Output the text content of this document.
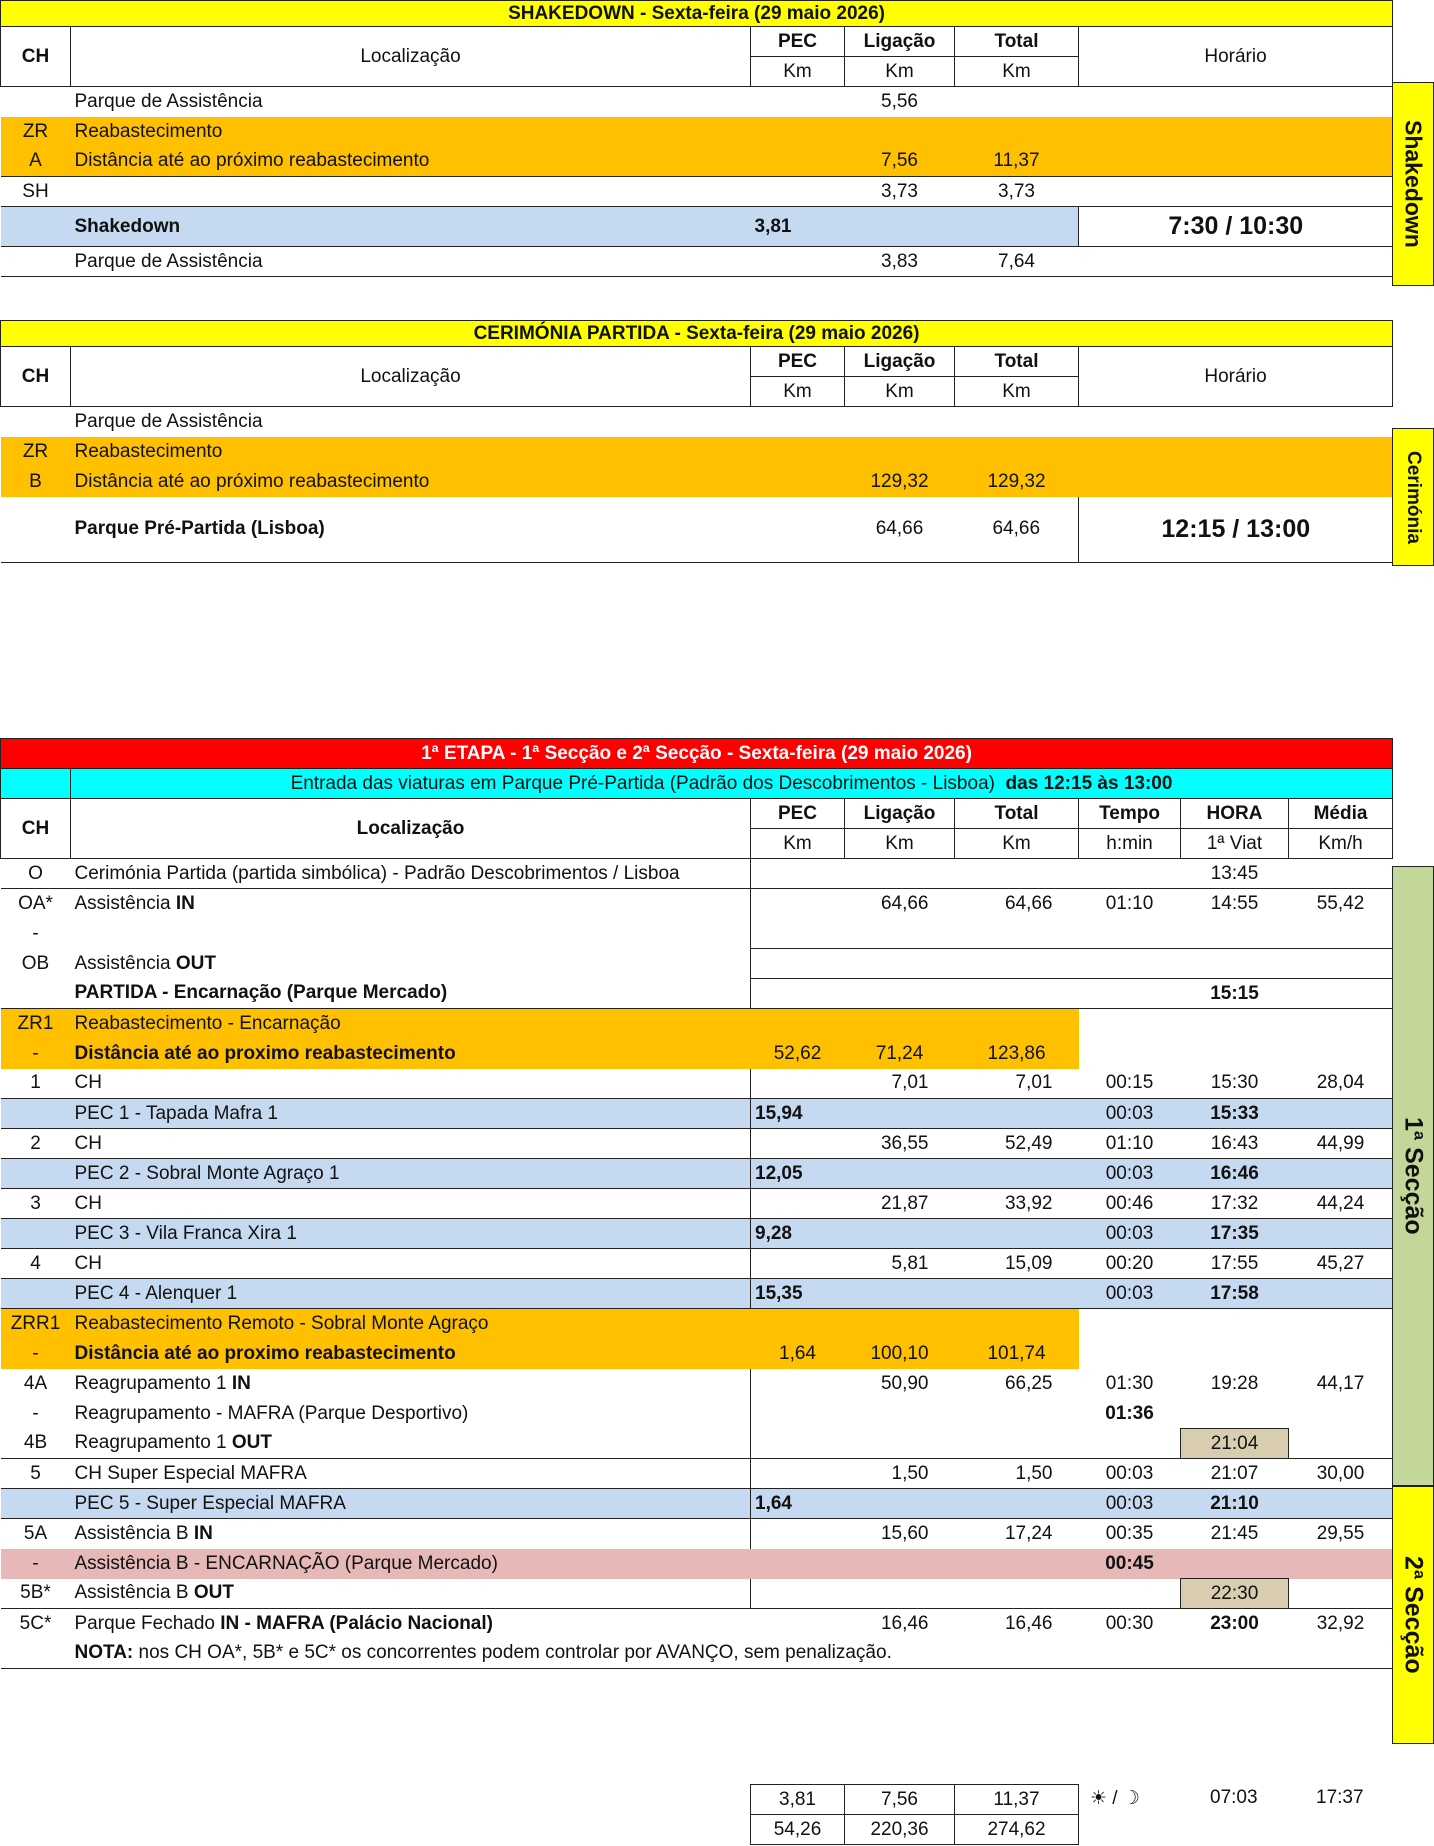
SHAKEDOWN - Sexta-feira (29 maio 2026)					
CH	Localização	PEC	Ligação	Total	Horário
		Km	Km	Km	
	Parque de Assistência		5,56		
ZR	Reabastecimento				
A	Distância até ao próximo reabastecimento		7,56	11,37	
SH			3,73	3,73	
	Shakedown	3,81			7:30 / 10:30
	Parque de Assistência		3,83	7,64	
Shakedown
CERIMÓNIA PARTIDA - Sexta-feira (29 maio 2026)					
CH	Localização	PEC	Ligação	Total	Horário
		Km	Km	Km	
	Parque de Assistência				
ZR	Reabastecimento				
B	Distância até ao próximo reabastecimento		129,32	129,32	
	Parque Pré-Partida (Lisboa)		64,66	64,66	12:15 / 13:00	Cerimónia
1ª ETAPA - 1ª Secção e 2ª Secção - Sexta-feira (29 maio 2026)							
	Entrada das viaturas em Parque Pré-Partida (Padrão dos Descobrimentos - Lisboa) das 12:15 às 13:00						
CH	Localização	PEC	Ligação	Total	Tempo	HORA	Média
		Km	Km	Km	h:min	1ª Viat	Km/h
O	Cerimónia Partida (partida simbólica) - Padrão Descobrimentos / Lisboa					13:45	
OA*	Assistência IN		64,66	64,66	01:10	14:55	55,42
-							
OB	Assistência OUT						
	PARTIDA - Encarnação (Parque Mercado)					15:15	
ZR1	Reabastecimento - Encarnação						
-	Distância até ao proximo reabastecimento	52,62	71,24	123,86			
1	CH		7,01	7,01	00:15	15:30	28,04
	PEC 1 - Tapada Mafra 1	15,94			00:03	15:33	
2	CH		36,55	52,49	01:10	16:43	44,99
	PEC 2 - Sobral Monte Agraço 1	12,05			00:03	16:46	
3	CH		21,87	33,92	00:46	17:32	44,24
	PEC 3 - Vila Franca Xira 1	9,28			00:03	17:35	
4	CH		5,81	15,09	00:20	17:55	45,27
	PEC 4 - Alenquer 1	15,35			00:03	17:58	
ZRR1	Reabastecimento Remoto - Sobral Monte Agraço						
-	Distância até ao proximo reabastecimento	1,64	100,10	101,74			
4A	Reagrupamento 1 IN		50,90	66,25	01:30	19:28	44,17
-	Reagrupamento - MAFRA (Parque Desportivo)				01:36		
4B	Reagrupamento 1 OUT					21:04	
5	CH Super Especial MAFRA		1,50	1,50	00:03	21:07	30,00
	PEC 5 - Super Especial MAFRA	1,64			00:03	21:10	
5A	Assistência B IN		15,60	17,24	00:35	21:45	29,55
-	Assistência B - ENCARNAÇÃO (Parque Mercado)				00:45		
5B*	Assistência B OUT					22:30	
5C*	Parque Fechado IN - MAFRA (Palácio Nacional)		16,46	16,46	00:30	23:00	32,92
	NOTA: nos CH OA*, 5B* e 5C* os concorrentes podem controlar por AVANÇO, sem penalização.						
1ª Secção
2ª Secção
3,81	7,56	11,37
54,26	220,36	274,62
☀ / ☽	07:03	17:37
